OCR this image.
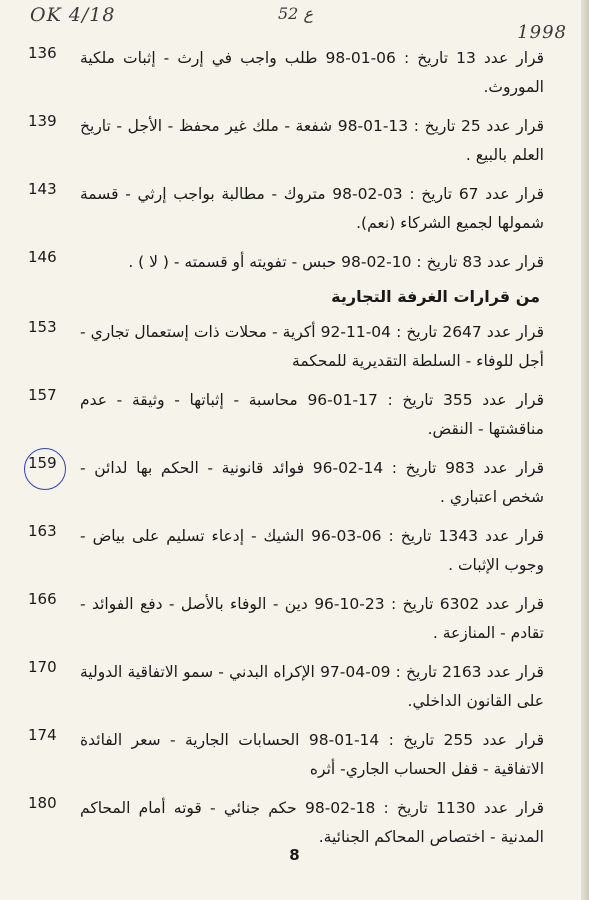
OK 4/18	52 ع
1998
136	قرار عدد 13 تاريخ : 06-01-98 طلب واجب في إرث - إثبات ملكية الموروث.

139	قرار عدد 25 تاريخ : 13-01-98 شفعة - ملك غير محفظ - الأجل - تاريخ العلم بالبيع .

143	قرار عدد 67 تاريخ : 03-02-98 متروك - مطالبة بواجب إرثي - قسمة شمولها لجميع الشركاء (نعم).

146	قرار عدد 83 تاريخ : 10-02-98 حبس - تفويته أو قسمته - ( لا ) .

من قرارات الغرفة التجارية
153	قرار عدد 2647 تاريخ : 04-11-92 أكرية - محلات ذات إستعمال تجاري - أجل للوفاء - السلطة التقديرية للمحكمة

157	قرار عدد 355 تاريخ : 17-01-96 محاسبة - إثباتها - وثيقة - عدم مناقشتها - النقض.

159	قرار عدد 983 تاريخ : 14-02-96 فوائد قانونية - الحكم بها لدائن - شخص اعتباري .

163	قرار عدد 1343 تاريخ : 06-03-96 الشيك - إدعاء تسليم على بياض - وجوب الإثبات .

166	قرار عدد 6302 تاريخ : 23-10-96 دين - الوفاء بالأصل - دفع الفوائد - تقادم - المنازعة .

170	قرار عدد 2163 تاريخ : 09-04-97 الإكراه البدني - سمو الاتفاقية الدولية على القانون الداخلي.

174	قرار عدد 255 تاريخ : 14-01-98 الحسابات الجارية - سعر الفائدة الاتفاقية - قفل الحساب الجاري- أثره

180	قرار عدد 1130 تاريخ : 18-02-98 حكم جنائي - قوته أمام المحاكم المدنية - اختصاص المحاكم الجنائية.

8
